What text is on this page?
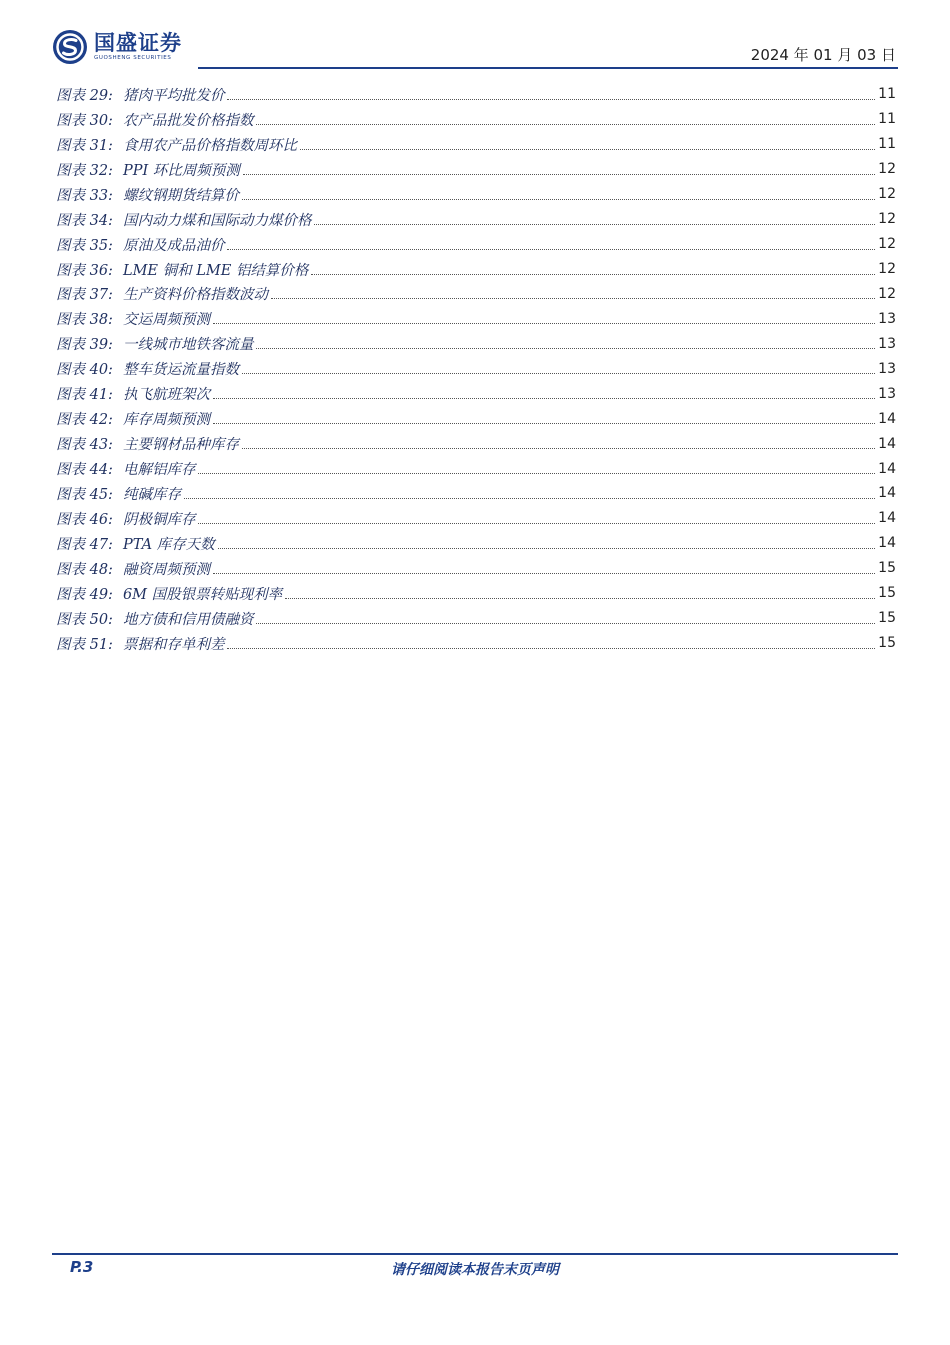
国盛证券
GUOSHENG SECURITIES	2024 年 01 月 03 日
图表 29: 猪肉平均批发价	11
图表 30: 农产品批发价格指数	11
图表 31: 食用农产品价格指数周环比	11
图表 32: PPI 环比周频预测	12
图表 33: 螺纹钢期货结算价	12
图表 34: 国内动力煤和国际动力煤价格	12
图表 35: 原油及成品油价	12
图表 36: LME 铜和 LME 铝结算价格	12
图表 37: 生产资料价格指数波动	12
图表 38: 交运周频预测	13
图表 39: 一线城市地铁客流量	13
图表 40: 整车货运流量指数	13
图表 41: 执飞航班架次	13
图表 42: 库存周频预测	14
图表 43: 主要钢材品种库存	14
图表 44: 电解铝库存	14
图表 45: 纯碱库存	14
图表 46: 阴极铜库存	14
图表 47: PTA 库存天数	14
图表 48: 融资周频预测	15
图表 49: 6M 国股银票转贴现利率	15
图表 50: 地方债和信用债融资	15
图表 51: 票据和存单利差	15
P.3	请仔细阅读本报告末页声明
